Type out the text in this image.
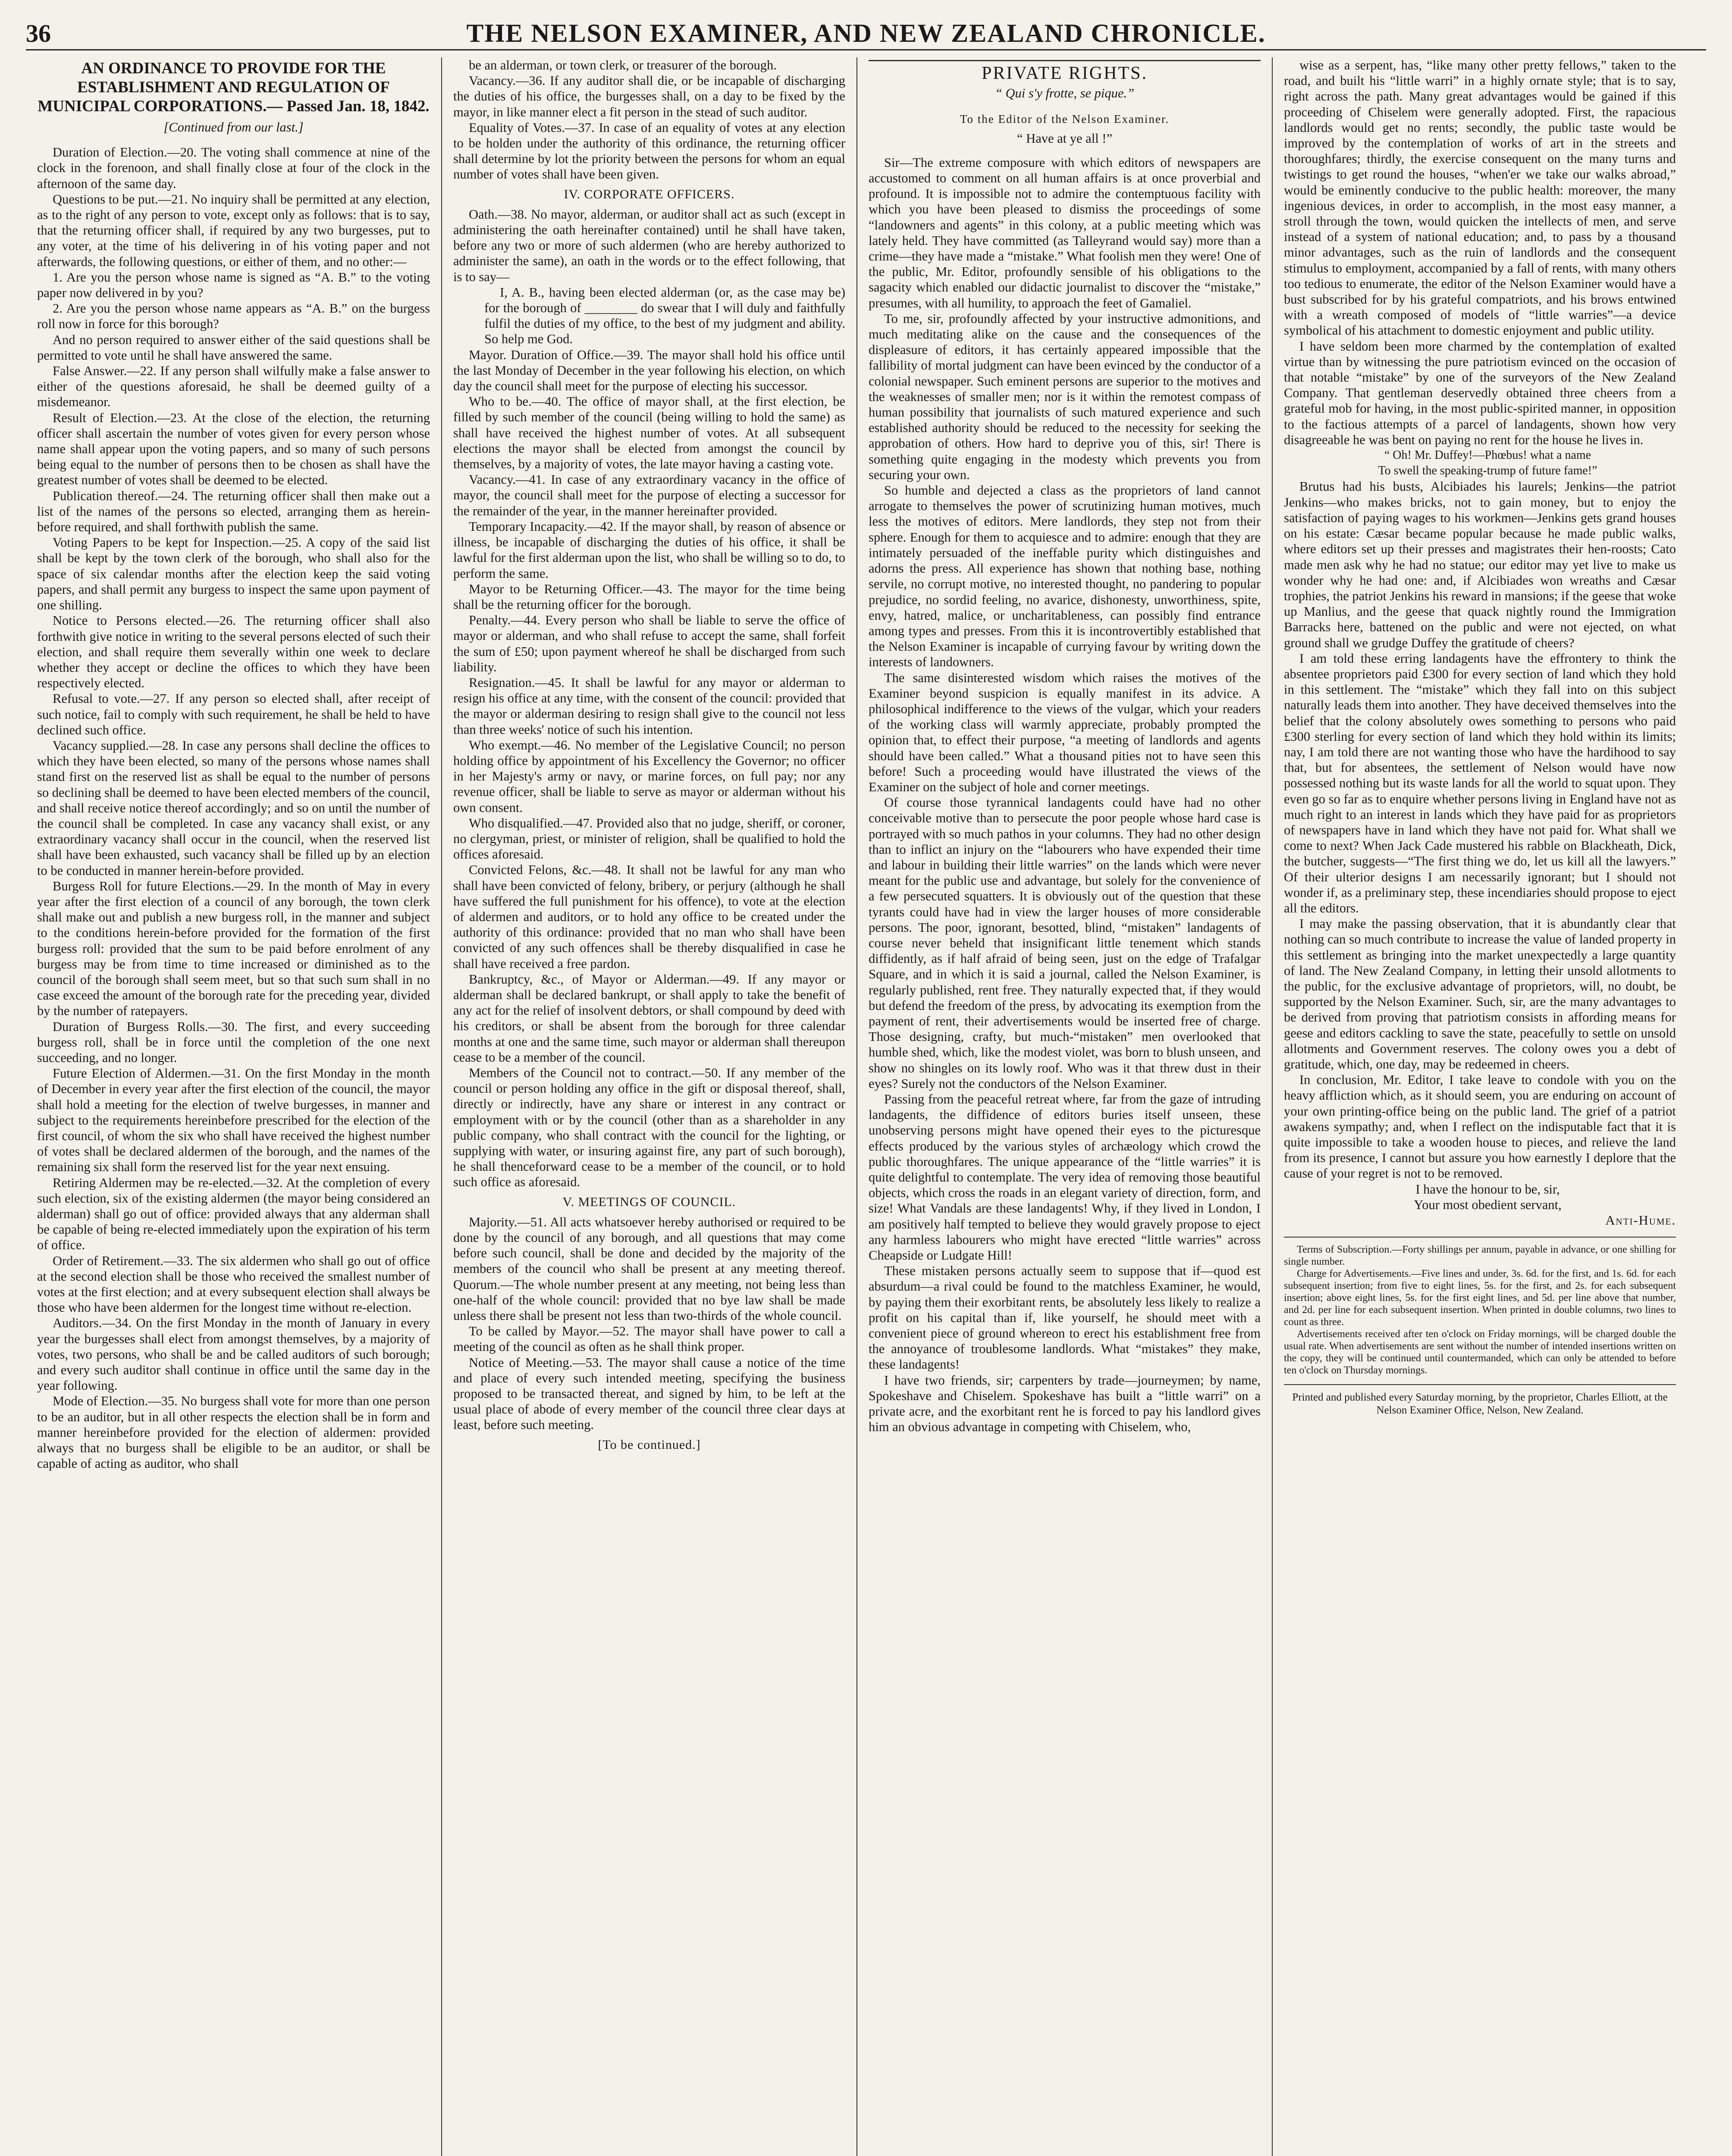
36	THE NELSON EXAMINER, AND NEW ZEALAND CHRONICLE.

AN ORDINANCE TO PROVIDE FOR THE ESTABLISHMENT AND REGULATION OF MUNICIPAL CORPORATIONS.— Passed Jan. 18, 1842.

[Continued from our last.]

Duration of Election.—20. The voting shall commence at nine of the clock in the forenoon, and shall finally close at four of the clock in the afternoon of the same day.

Questions to be put.—21. No inquiry shall be permitted at any election, as to the right of any person to vote, except only as follows: that is to say, that the returning officer shall, if required by any two burgesses, put to any voter, at the time of his delivering in of his voting paper and not afterwards, the following questions, or either of them, and no other:—

1. Are you the person whose name is signed as “A. B.” to the voting paper now delivered in by you?

2. Are you the person whose name appears as “A. B.” on the burgess roll now in force for this borough?

And no person required to answer either of the said questions shall be permitted to vote until he shall have answered the same.

False Answer.—22. If any person shall wilfully make a false answer to either of the questions aforesaid, he shall be deemed guilty of a misdemeanor.

Result of Election.—23. At the close of the election, the returning officer shall ascertain the number of votes given for every person whose name shall appear upon the voting papers, and so many of such persons being equal to the number of persons then to be chosen as shall have the greatest number of votes shall be deemed to be elected.

Publication thereof.—24. The returning officer shall then make out a list of the names of the persons so elected, arranging them as herein-before required, and shall forthwith publish the same.

Voting Papers to be kept for Inspection.—25. A copy of the said list shall be kept by the town clerk of the borough, who shall also for the space of six calendar months after the election keep the said voting papers, and shall permit any burgess to inspect the same upon payment of one shilling.

Notice to Persons elected.—26. The returning officer shall also forthwith give notice in writing to the several persons elected of such their election, and shall require them severally within one week to declare whether they accept or decline the offices to which they have been respectively elected.

Refusal to vote.—27. If any person so elected shall, after receipt of such notice, fail to comply with such requirement, he shall be held to have declined such office.

Vacancy supplied.—28. In case any persons shall decline the offices to which they have been elected, so many of the persons whose names shall stand first on the reserved list as shall be equal to the number of persons so declining shall be deemed to have been elected members of the council, and shall receive notice thereof accordingly; and so on until the number of the council shall be completed. In case any vacancy shall exist, or any extraordinary vacancy shall occur in the council, when the reserved list shall have been exhausted, such vacancy shall be filled up by an election to be conducted in manner herein-before provided.

Burgess Roll for future Elections.—29. In the month of May in every year after the first election of a council of any borough, the town clerk shall make out and publish a new burgess roll, in the manner and subject to the conditions herein-before provided for the formation of the first burgess roll: provided that the sum to be paid before enrolment of any burgess may be from time to time increased or diminished as to the council of the borough shall seem meet, but so that such sum shall in no case exceed the amount of the borough rate for the preceding year, divided by the number of ratepayers.

Duration of Burgess Rolls.—30. The first, and every succeeding burgess roll, shall be in force until the completion of the one next succeeding, and no longer.

Future Election of Aldermen.—31. On the first Monday in the month of December in every year after the first election of the council, the mayor shall hold a meeting for the election of twelve burgesses, in manner and subject to the requirements hereinbefore prescribed for the election of the first council, of whom the six who shall have received the highest number of votes shall be declared aldermen of the borough, and the names of the remaining six shall form the reserved list for the year next ensuing.

Retiring Aldermen may be re-elected.—32. At the completion of every such election, six of the existing aldermen (the mayor being considered an alderman) shall go out of office: provided always that any alderman shall be capable of being re-elected immediately upon the expiration of his term of office.

Order of Retirement.—33. The six aldermen who shall go out of office at the second election shall be those who received the smallest number of votes at the first election; and at every subsequent election shall always be those who have been aldermen for the longest time without re-election.

Auditors.—34. On the first Monday in the month of January in every year the burgesses shall elect from amongst themselves, by a majority of votes, two persons, who shall be and be called auditors of such borough; and every such auditor shall continue in office until the same day in the year following.

Mode of Election.—35. No burgess shall vote for more than one person to be an auditor, but in all other respects the election shall be in form and manner hereinbefore provided for the election of aldermen: provided always that no burgess shall be eligible to be an auditor, or shall be capable of acting as auditor, who shall

be an alderman, or town clerk, or treasurer of the borough.

Vacancy.—36. If any auditor shall die, or be incapable of discharging the duties of his office, the burgesses shall, on a day to be fixed by the mayor, in like manner elect a fit person in the stead of such auditor.

Equality of Votes.—37. In case of an equality of votes at any election to be holden under the authority of this ordinance, the returning officer shall determine by lot the priority between the persons for whom an equal number of votes shall have been given.

IV. CORPORATE OFFICERS.

Oath.—38. No mayor, alderman, or auditor shall act as such (except in administering the oath hereinafter contained) until he shall have taken, before any two or more of such aldermen (who are hereby authorized to administer the same), an oath in the words or to the effect following, that is to say—

I, A. B., having been elected alderman (or, as the case may be) for the borough of ________ do swear that I will duly and faithfully fulfil the duties of my office, to the best of my judgment and ability. So help me God.

Mayor. Duration of Office.—39. The mayor shall hold his office until the last Monday of December in the year following his election, on which day the council shall meet for the purpose of electing his successor.

Who to be.—40. The office of mayor shall, at the first election, be filled by such member of the council (being willing to hold the same) as shall have received the highest number of votes. At all subsequent elections the mayor shall be elected from amongst the council by themselves, by a majority of votes, the late mayor having a casting vote.

Vacancy.—41. In case of any extraordinary vacancy in the office of mayor, the council shall meet for the purpose of electing a successor for the remainder of the year, in the manner hereinafter provided.

Temporary Incapacity.—42. If the mayor shall, by reason of absence or illness, be incapable of discharging the duties of his office, it shall be lawful for the first alderman upon the list, who shall be willing so to do, to perform the same.

Mayor to be Returning Officer.—43. The mayor for the time being shall be the returning officer for the borough.

Penalty.—44. Every person who shall be liable to serve the office of mayor or alderman, and who shall refuse to accept the same, shall forfeit the sum of £50; upon payment whereof he shall be discharged from such liability.

Resignation.—45. It shall be lawful for any mayor or alderman to resign his office at any time, with the consent of the council: provided that the mayor or alderman desiring to resign shall give to the council not less than three weeks' notice of such his intention.

Who exempt.—46. No member of the Legislative Council; no person holding office by appointment of his Excellency the Governor; no officer in her Majesty's army or navy, or marine forces, on full pay; nor any revenue officer, shall be liable to serve as mayor or alderman without his own consent.

Who disqualified.—47. Provided also that no judge, sheriff, or coroner, no clergyman, priest, or minister of religion, shall be qualified to hold the offices aforesaid.

Convicted Felons, &c.—48. It shall not be lawful for any man who shall have been convicted of felony, bribery, or perjury (although he shall have suffered the full punishment for his offence), to vote at the election of aldermen and auditors, or to hold any office to be created under the authority of this ordinance: provided that no man who shall have been convicted of any such offences shall be thereby disqualified in case he shall have received a free pardon.

Bankruptcy, &c., of Mayor or Alderman.—49. If any mayor or alderman shall be declared bankrupt, or shall apply to take the benefit of any act for the relief of insolvent debtors, or shall compound by deed with his creditors, or shall be absent from the borough for three calendar months at one and the same time, such mayor or alderman shall thereupon cease to be a member of the council.

Members of the Council not to contract.—50. If any member of the council or person holding any office in the gift or disposal thereof, shall, directly or indirectly, have any share or interest in any contract or employment with or by the council (other than as a shareholder in any public company, who shall contract with the council for the lighting, or supplying with water, or insuring against fire, any part of such borough), he shall thenceforward cease to be a member of the council, or to hold such office as aforesaid.

V. MEETINGS OF COUNCIL.

Majority.—51. All acts whatsoever hereby authorised or required to be done by the council of any borough, and all questions that may come before such council, shall be done and decided by the majority of the members of the council who shall be present at any meeting thereof. Quorum.—The whole number present at any meeting, not being less than one-half of the whole council: provided that no bye law shall be made unless there shall be present not less than two-thirds of the whole council.

To be called by Mayor.—52. The mayor shall have power to call a meeting of the council as often as he shall think proper.

Notice of Meeting.—53. The mayor shall cause a notice of the time and place of every such intended meeting, specifying the business proposed to be transacted thereat, and signed by him, to be left at the usual place of abode of every member of the council three clear days at least, before such meeting.

[To be continued.]

PRIVATE RIGHTS.

“ Qui s'y frotte, se pique.”

To the Editor of the Nelson Examiner.

“ Have at ye all !”

Sir—The extreme composure with which editors of newspapers are accustomed to comment on all human affairs is at once proverbial and profound. It is impossible not to admire the contemptuous facility with which you have been pleased to dismiss the proceedings of some “landowners and agents” in this colony, at a public meeting which was lately held. They have committed (as Talleyrand would say) more than a crime—they have made a “mistake.” What foolish men they were! One of the public, Mr. Editor, profoundly sensible of his obligations to the sagacity which enabled our didactic journalist to discover the “mistake,” presumes, with all humility, to approach the feet of Gamaliel.

To me, sir, profoundly affected by your instructive admonitions, and much meditating alike on the cause and the consequences of the displeasure of editors, it has certainly appeared impossible that the fallibility of mortal judgment can have been evinced by the conductor of a colonial newspaper. Such eminent persons are superior to the motives and the weaknesses of smaller men; nor is it within the remotest compass of human possibility that journalists of such matured experience and such established authority should be reduced to the necessity for seeking the approbation of others. How hard to deprive you of this, sir! There is something quite engaging in the modesty which prevents you from securing your own.

So humble and dejected a class as the proprietors of land cannot arrogate to themselves the power of scrutinizing human motives, much less the motives of editors. Mere landlords, they step not from their sphere. Enough for them to acquiesce and to admire: enough that they are intimately persuaded of the ineffable purity which distinguishes and adorns the press. All experience has shown that nothing base, nothing servile, no corrupt motive, no interested thought, no pandering to popular prejudice, no sordid feeling, no avarice, dishonesty, unworthiness, spite, envy, hatred, malice, or uncharitableness, can possibly find entrance among types and presses. From this it is incontrovertibly established that the Nelson Examiner is incapable of currying favour by writing down the interests of landowners.

The same disinterested wisdom which raises the motives of the Examiner beyond suspicion is equally manifest in its advice. A philosophical indifference to the views of the vulgar, which your readers of the working class will warmly appreciate, probably prompted the opinion that, to effect their purpose, “a meeting of landlords and agents should have been called.” What a thousand pities not to have seen this before! Such a proceeding would have illustrated the views of the Examiner on the subject of hole and corner meetings.

Of course those tyrannical landagents could have had no other conceivable motive than to persecute the poor people whose hard case is portrayed with so much pathos in your columns. They had no other design than to inflict an injury on the “labourers who have expended their time and labour in building their little warries” on the lands which were never meant for the public use and advantage, but solely for the convenience of a few persecuted squatters. It is obviously out of the question that these tyrants could have had in view the larger houses of more considerable persons. The poor, ignorant, besotted, blind, “mistaken” landagents of course never beheld that insignificant little tenement which stands diffidently, as if half afraid of being seen, just on the edge of Trafalgar Square, and in which it is said a journal, called the Nelson Examiner, is regularly published, rent free. They naturally expected that, if they would but defend the freedom of the press, by advocating its exemption from the payment of rent, their advertisements would be inserted free of charge. Those designing, crafty, but much-“mistaken” men overlooked that humble shed, which, like the modest violet, was born to blush unseen, and show no shingles on its lowly roof. Who was it that threw dust in their eyes? Surely not the conductors of the Nelson Examiner.

Passing from the peaceful retreat where, far from the gaze of intruding landagents, the diffidence of editors buries itself unseen, these unobserving persons might have opened their eyes to the picturesque effects produced by the various styles of archæology which crowd the public thoroughfares. The unique appearance of the “little warries” it is quite delightful to contemplate. The very idea of removing those beautiful objects, which cross the roads in an elegant variety of direction, form, and size! What Vandals are these landagents! Why, if they lived in London, I am positively half tempted to believe they would gravely propose to eject any harmless labourers who might have erected “little warries” across Cheapside or Ludgate Hill!

These mistaken persons actually seem to suppose that if—quod est absurdum—a rival could be found to the matchless Examiner, he would, by paying them their exorbitant rents, be absolutely less likely to realize a profit on his capital than if, like yourself, he should meet with a convenient piece of ground whereon to erect his establishment free from the annoyance of troublesome landlords. What “mistakes” they make, these landagents!

I have two friends, sir; carpenters by trade—journeymen; by name, Spokeshave and Chiselem. Spokeshave has built a “little warri” on a private acre, and the exorbitant rent he is forced to pay his landlord gives him an obvious advantage in competing with Chiselem, who,

wise as a serpent, has, “like many other pretty fellows,” taken to the road, and built his “little warri” in a highly ornate style; that is to say, right across the path. Many great advantages would be gained if this proceeding of Chiselem were generally adopted. First, the rapacious landlords would get no rents; secondly, the public taste would be improved by the contemplation of works of art in the streets and thoroughfares; thirdly, the exercise consequent on the many turns and twistings to get round the houses, “when'er we take our walks abroad,” would be eminently conducive to the public health: moreover, the many ingenious devices, in order to accomplish, in the most easy manner, a stroll through the town, would quicken the intellects of men, and serve instead of a system of national education; and, to pass by a thousand minor advantages, such as the ruin of landlords and the consequent stimulus to employment, accompanied by a fall of rents, with many others too tedious to enumerate, the editor of the Nelson Examiner would have a bust subscribed for by his grateful compatriots, and his brows entwined with a wreath composed of models of “little warries”—a device symbolical of his attachment to domestic enjoyment and public utility.

I have seldom been more charmed by the contemplation of exalted virtue than by witnessing the pure patriotism evinced on the occasion of that notable “mistake” by one of the surveyors of the New Zealand Company. That gentleman deservedly obtained three cheers from a grateful mob for having, in the most public-spirited manner, in opposition to the factious attempts of a parcel of landagents, shown how very disagreeable he was bent on paying no rent for the house he lives in.

“ Oh! Mr. Duffey!—Phœbus! what a name

To swell the speaking-trump of future fame!”

Brutus had his busts, Alcibiades his laurels; Jenkins—the patriot Jenkins—who makes bricks, not to gain money, but to enjoy the satisfaction of paying wages to his workmen—Jenkins gets grand houses on his estate: Cæsar became popular because he made public walks, where editors set up their presses and magistrates their hen-roosts; Cato made men ask why he had no statue; our editor may yet live to make us wonder why he had one: and, if Alcibiades won wreaths and Cæsar trophies, the patriot Jenkins his reward in mansions; if the geese that woke up Manlius, and the geese that quack nightly round the Immigration Barracks here, battened on the public and were not ejected, on what ground shall we grudge Duffey the gratitude of cheers?

I am told these erring landagents have the effrontery to think the absentee proprietors paid £300 for every section of land which they hold in this settlement. The “mistake” which they fall into on this subject naturally leads them into another. They have deceived themselves into the belief that the colony absolutely owes something to persons who paid £300 sterling for every section of land which they hold within its limits; nay, I am told there are not wanting those who have the hardihood to say that, but for absentees, the settlement of Nelson would have now possessed nothing but its waste lands for all the world to squat upon. They even go so far as to enquire whether persons living in England have not as much right to an interest in lands which they have paid for as proprietors of newspapers have in land which they have not paid for. What shall we come to next? When Jack Cade mustered his rabble on Blackheath, Dick, the butcher, suggests—“The first thing we do, let us kill all the lawyers.” Of their ulterior designs I am necessarily ignorant; but I should not wonder if, as a preliminary step, these incendiaries should propose to eject all the editors.

I may make the passing observation, that it is abundantly clear that nothing can so much contribute to increase the value of landed property in this settlement as bringing into the market unexpectedly a large quantity of land. The New Zealand Company, in letting their unsold allotments to the public, for the exclusive advantage of proprietors, will, no doubt, be supported by the Nelson Examiner. Such, sir, are the many advantages to be derived from proving that patriotism consists in affording means for geese and editors cackling to save the state, peacefully to settle on unsold allotments and Government reserves. The colony owes you a debt of gratitude, which, one day, may be redeemed in cheers.

In conclusion, Mr. Editor, I take leave to condole with you on the heavy affliction which, as it should seem, you are enduring on account of your own printing-office being on the public land. The grief of a patriot awakens sympathy; and, when I reflect on the indisputable fact that it is quite impossible to take a wooden house to pieces, and relieve the land from its presence, I cannot but assure you how earnestly I deplore that the cause of your regret is not to be removed.

I have the honour to be, sir,

Your most obedient servant,

Anti-Hume.

Terms of Subscription.—Forty shillings per annum, payable in advance, or one shilling for single number.

Charge for Advertisements.—Five lines and under, 3s. 6d. for the first, and 1s. 6d. for each subsequent insertion; from five to eight lines, 5s. for the first, and 2s. for each subsequent insertion; above eight lines, 5s. for the first eight lines, and 5d. per line above that number, and 2d. per line for each subsequent insertion. When printed in double columns, two lines to count as three.

Advertisements received after ten o'clock on Friday mornings, will be charged double the usual rate. When advertisements are sent without the number of intended insertions written on the copy, they will be continued until countermanded, which can only be attended to before ten o'clock on Thursday mornings.

Printed and published every Saturday morning, by the proprietor, Charles Elliott, at the Nelson Examiner Office, Nelson, New Zealand.
